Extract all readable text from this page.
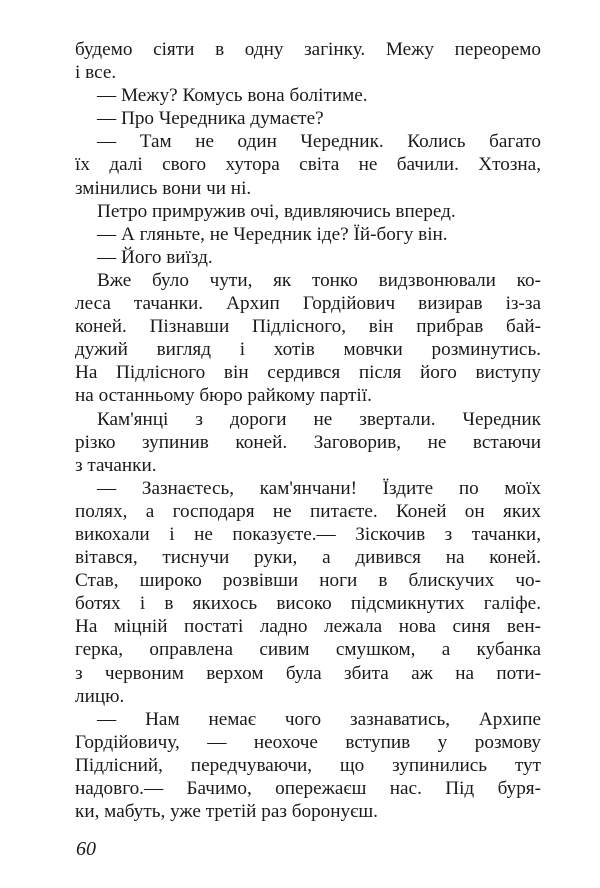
будемо сіяти в одну загінку. Межу переоремо
і все.
— Межу? Комусь вона болітиме.
— Про Чередника думаєте?
— Там не один Чередник. Колись багато
їх далі свого хутора світа не бачили. Хтозна,
змінились вони чи ні.
Петро примружив очі, вдивляючись вперед.
— А гляньте, не Чередник іде? Їй-богу він.
— Його виїзд.
Вже було чути, як тонко видзвонювали ко-
леса тачанки. Архип Гордійович визирав із-за
коней. Пізнавши Підлісного, він прибрав бай-
дужий вигляд і хотів мовчки розминутись.
На Підлісного він сердився після його виступу
на останньому бюро райкому партії.
Кам'янці з дороги не звертали. Чередник
різко зупинив коней. Заговорив, не встаючи
з тачанки.
— Зазнаєтесь, кам'янчани! Їздите по моїх
полях, а господаря не питаєте. Коней он яких
викохали і не показуєте.— Зіскочив з тачанки,
вітався, тиснучи руки, а дивився на коней.
Став, широко розвівши ноги в блискучих чо-
ботях і в якихось високо підсмикнутих галіфе.
На міцній постаті ладно лежала нова синя вен-
герка, оправлена сивим смушком, а кубанка
з червоним верхом була збита аж на поти-
лицю.
— Нам немає чого зазнаватись, Архипе
Гордійовичу, — неохоче вступив у розмову
Підлісний, передчуваючи, що зупинились тут
надовго.— Бачимо, опережаєш нас. Під буря-
ки, мабуть, уже третій раз боронуєш.
60
